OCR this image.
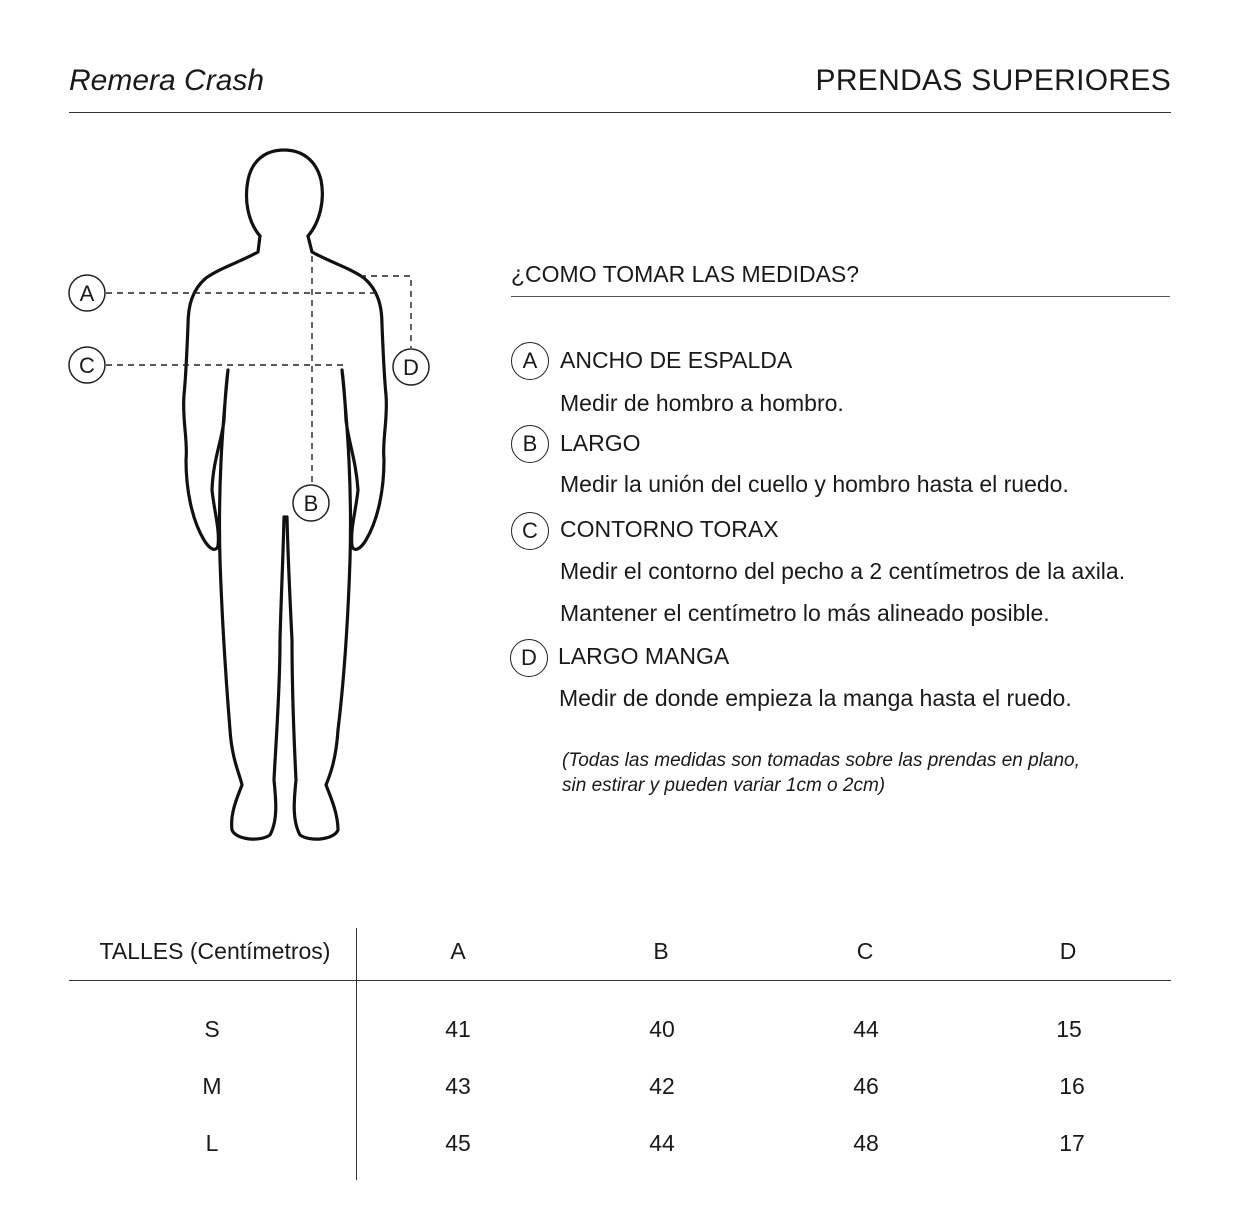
Remera Crash	PRENDAS SUPERIORES
A
B
C	D
¿COMO TOMAR LAS MEDIDAS?
A ANCHO DE ESPALDA
Medir de hombro a hombro.
B LARGO
Medir la unión del cuello y hombro hasta el ruedo.
C CONTORNO TORAX
Medir el contorno del pecho a 2 centímetros de la axila.
Mantener el centímetro lo más alineado posible.
D LARGO MANGA
Medir de donde empieza la manga hasta el ruedo.
(Todas las medidas son tomadas sobre las prendas en plano,
sin estirar y pueden variar 1cm o 2cm)
TALLES (Centímetros)	A	B	C	D
S	41	40	44	15
M	43	42	46	16
L	45	44	48	17
